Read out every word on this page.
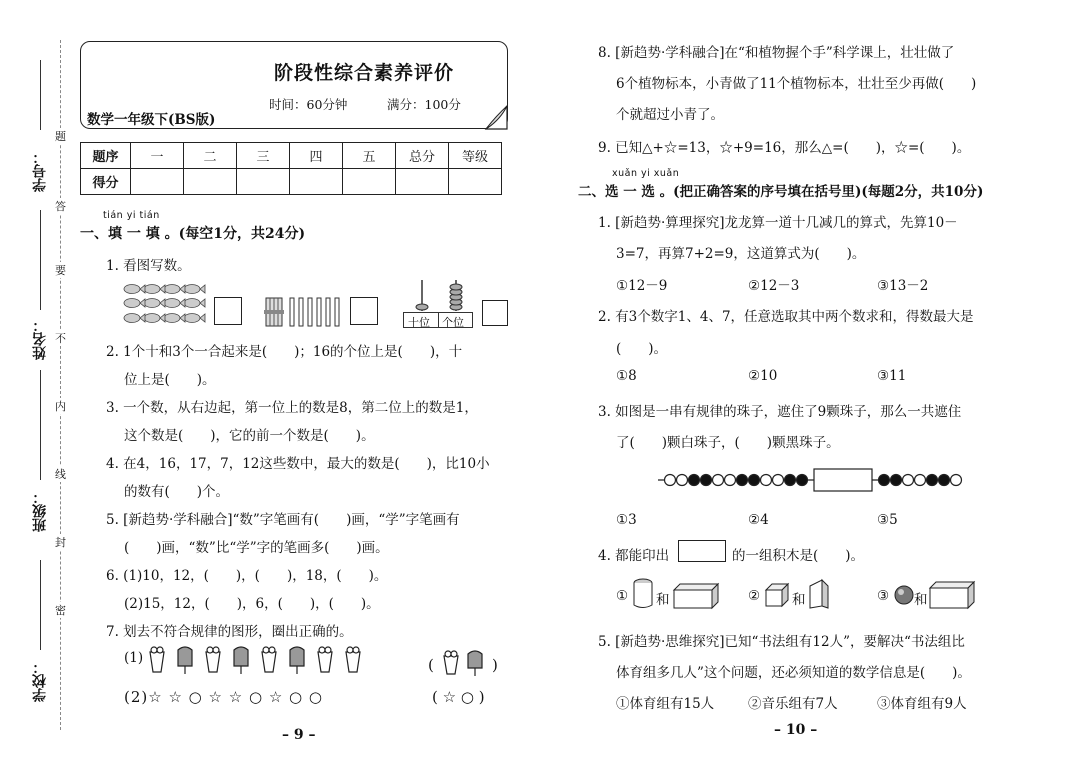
学号：
姓名：
班级：
学校：
题
答
要
不
内
线
封
密
阶段性综合素养评价
时间：60分钟	满分：100分
数学一年级下(BS版)
题序	一	二	三	四	五	总分	等级
得分							
tián yi tián
一、填 一 填 。(每空1分，共24分)
1. 看图写数。
十位 个位
2. 1个十和3个一合起来是(　　)；16的个位上是(　　)，十
位上是(　　)。
3. 一个数，从右边起，第一位上的数是8，第二位上的数是1，
这个数是(　　)，它的前一个数是(　　)。
4. 在4，16，17，7，12这些数中，最大的数是(　　)，比10小
的数有(　　)个。
5. [新趋势·学科融合]“数”字笔画有(　　)画，“学”字笔画有
(　　)画，“数”比“学”字的笔画多(　　)画。
6. (1)10，12，(　　)，(　　)，18，(　　)。
(2)15，12，(　　)，6，(　　)，(　　)。
7. 划去不符合规律的图形，圈出正确的。
(1)	(	)
(2)☆ ☆ ○ ☆ ☆ ○ ☆ ○ ○	( ☆ ○ )
– 9 –
8. [新趋势·学科融合]在“和植物握个手”科学课上，壮壮做了
6个植物标本，小青做了11个植物标本，壮壮至少再做(　　)
个就超过小青了。
9. 已知△+☆=13，☆+9=16，那么△=(　　)，☆=(　　)。
xuǎn yi xuǎn
二、选 一 选 。(把正确答案的序号填在括号里)(每题2分，共10分)
1. [新趋势·算理探究]龙龙算一道十几减几的算式，先算10－
3=7，再算7+2=9，这道算式为(　　)。
①12－9	②12－3	③13－2
2. 有3个数字1、4、7，任意选取其中两个数求和，得数最大是
(　　)。
①8	②10	③11
3. 如图是一串有规律的珠子，遮住了9颗珠子，那么一共遮住
了(　　)颗白珠子，(　　)颗黑珠子。
①3	②4	③5
4. 都能印出	的一组积木是(　　)。
① 和	② 和	③ 和
5. [新趋势·思维探究]已知“书法组有12人”，要解决“书法组比
体育组多几人”这个问题，还必须知道的数学信息是(　　)。
①体育组有15人	②音乐组有7人	③体育组有9人
– 10 –
